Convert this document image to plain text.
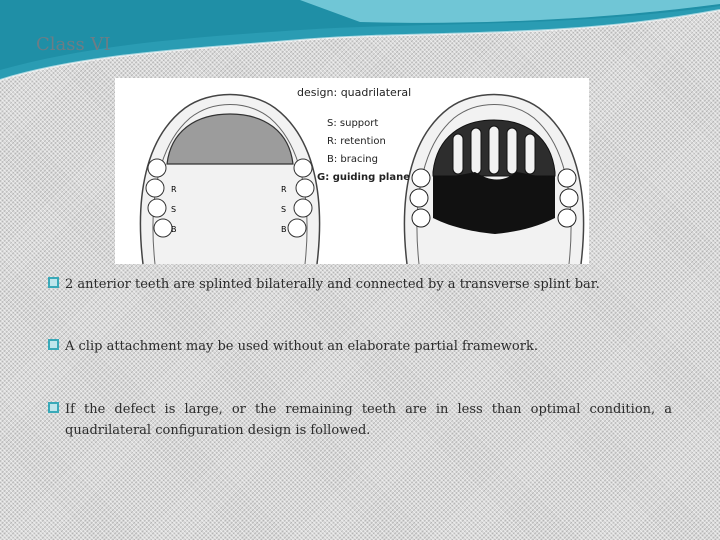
Class VI
R
S
B
R
S
B
design: quadrilateral
S: support
R: retention
B: bracing
G: guiding plane
2 anterior teeth are splinted bilaterally and connected by a transverse splint bar.
A clip attachment may be used without an elaborate partial framework.
If the defect is large, or the remaining teeth are in less than optimal condition, a quadrilateral configuration design is followed.
